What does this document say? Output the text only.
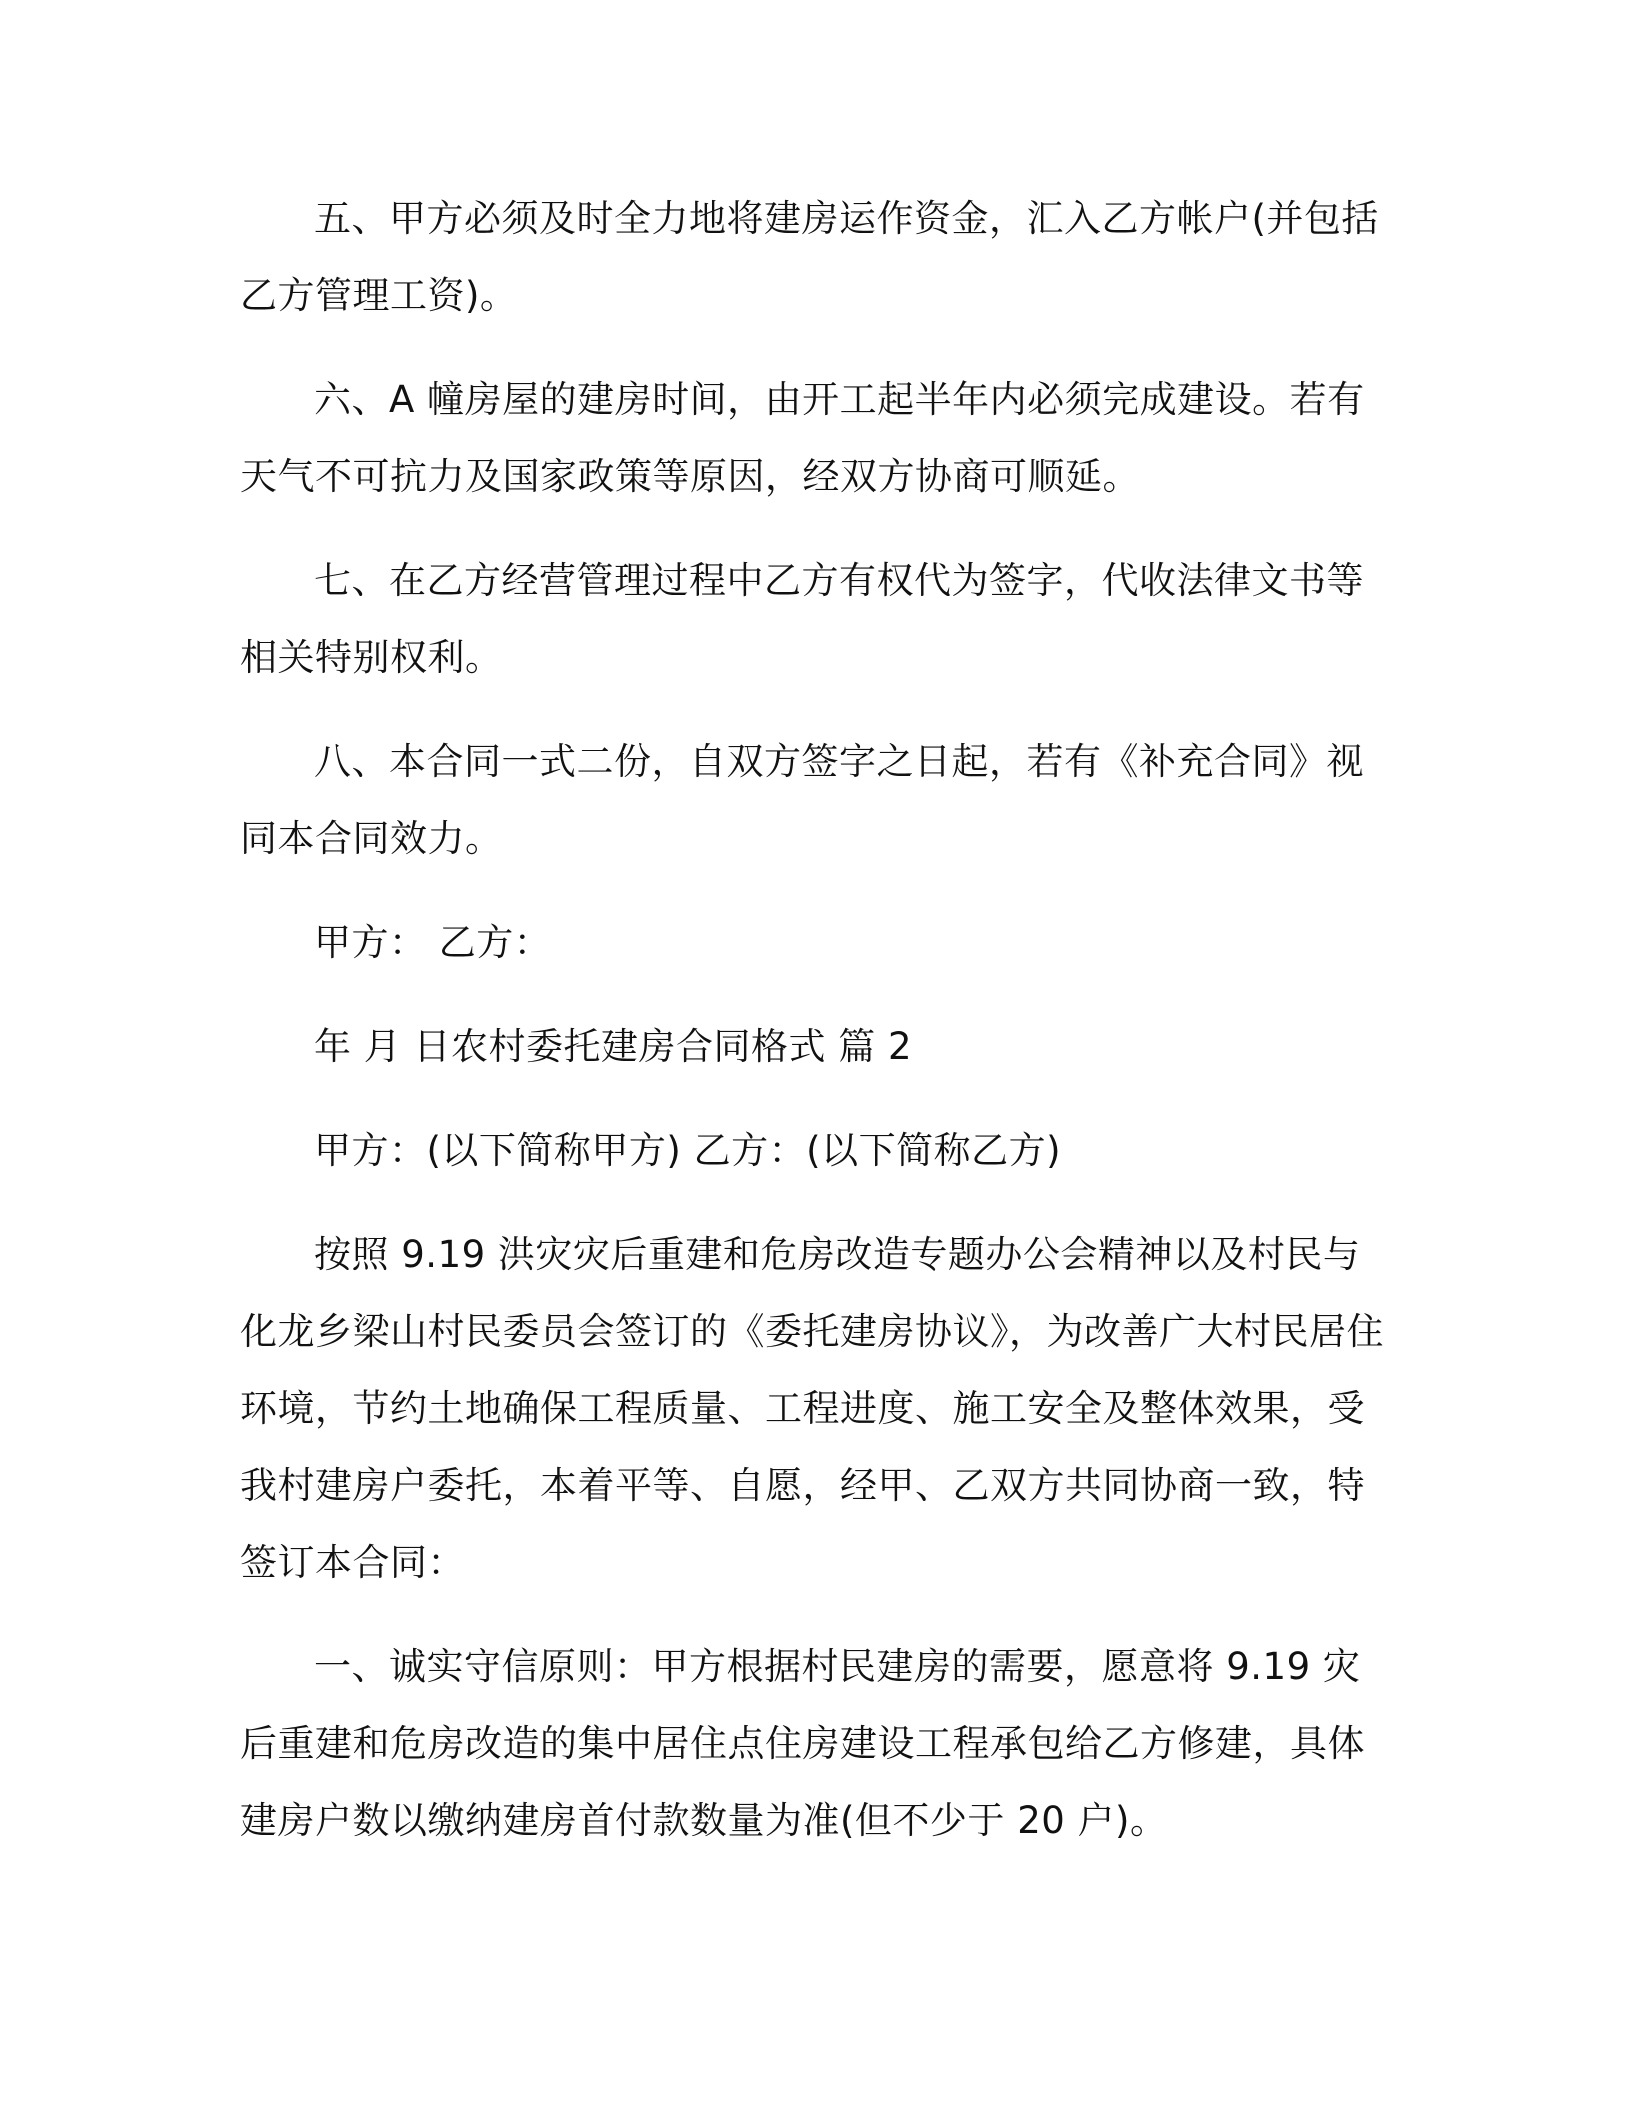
五、甲方必须及时全力地将建房运作资金，汇入乙方帐户(并包括乙方管理工资)。

六、A 幢房屋的建房时间，由开工起半年内必须完成建设。若有天气不可抗力及国家政策等原因，经双方协商可顺延。

七、在乙方经营管理过程中乙方有权代为签字，代收法律文书等相关特别权利。

八、本合同一式二份，自双方签字之日起，若有《补充合同》视同本合同效力。

甲方： 乙方：

年 月 日农村委托建房合同格式 篇 2

甲方：(以下简称甲方) 乙方：(以下简称乙方)

按照 9.19 洪灾灾后重建和危房改造专题办公会精神以及村民与化龙乡梁山村民委员会签订的《委托建房协议》，为改善广大村民居住环境，节约土地确保工程质量、工程进度、施工安全及整体效果，受我村建房户委托，本着平等、自愿，经甲、乙双方共同协商一致，特签订本合同：

一、诚实守信原则：甲方根据村民建房的需要，愿意将 9.19 灾后重建和危房改造的集中居住点住房建设工程承包给乙方修建，具体建房户数以缴纳建房首付款数量为准(但不少于 20 户)。
